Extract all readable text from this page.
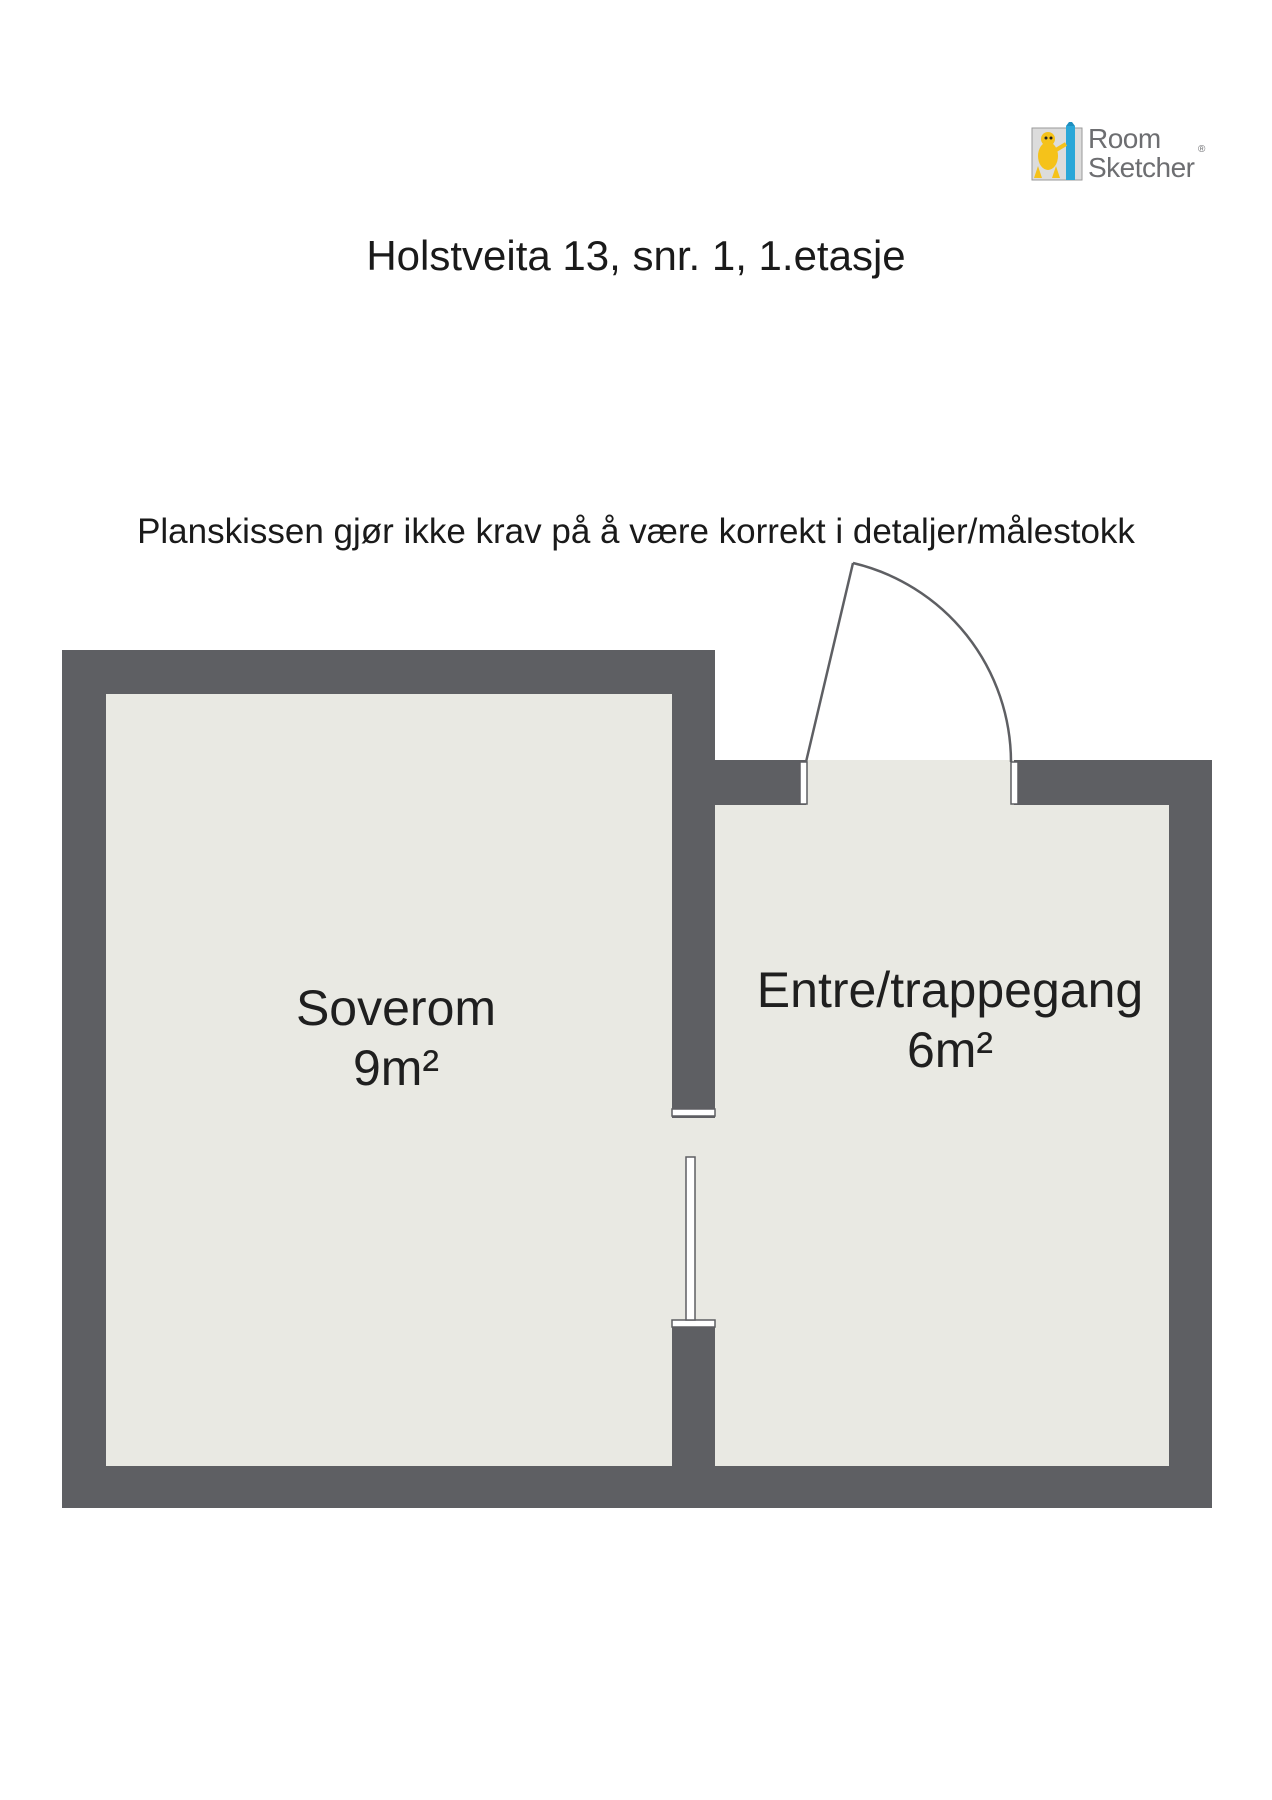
Room
Sketcher
®
Holstveita 13, snr. 1, 1.etasje
Planskissen gjør ikke krav på å være korrekt i detaljer/målestokk
Soverom
9m²
Entre/trappegang
6m²
